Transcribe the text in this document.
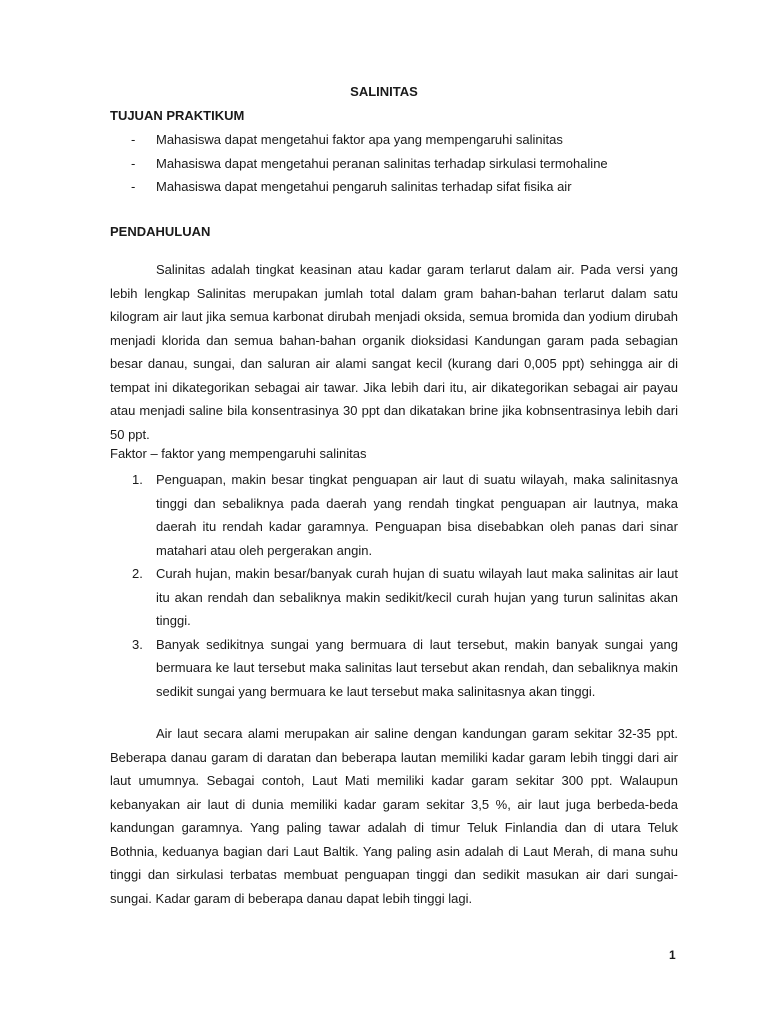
SALINITAS
TUJUAN PRAKTIKUM
- Mahasiswa dapat mengetahui faktor apa yang mempengaruhi salinitas
- Mahasiswa dapat mengetahui peranan salinitas terhadap sirkulasi termohaline
- Mahasiswa dapat mengetahui pengaruh salinitas terhadap sifat fisika air
PENDAHULUAN
Salinitas adalah tingkat keasinan atau kadar garam terlarut dalam air. Pada versi yang lebih lengkap Salinitas merupakan jumlah total dalam gram bahan-bahan terlarut dalam satu kilogram air laut jika semua karbonat dirubah menjadi oksida, semua bromida dan yodium dirubah menjadi klorida dan semua bahan-bahan organik dioksidasi Kandungan garam pada sebagian besar danau, sungai, dan saluran air alami sangat kecil (kurang dari 0,005 ppt) sehingga air di tempat ini dikategorikan sebagai air tawar. Jika lebih dari itu, air dikategorikan sebagai air payau atau menjadi saline bila konsentrasinya 30 ppt dan dikatakan brine jika kobnsentrasinya lebih dari 50 ppt.
Faktor – faktor yang mempengaruhi salinitas
1. Penguapan, makin besar tingkat penguapan air laut di suatu wilayah, maka salinitasnya tinggi dan sebaliknya pada daerah yang rendah tingkat penguapan air lautnya, maka daerah itu rendah kadar garamnya. Penguapan bisa disebabkan oleh panas dari sinar matahari atau oleh pergerakan angin.
2. Curah hujan, makin besar/banyak curah hujan di suatu wilayah laut maka salinitas air laut itu akan rendah dan sebaliknya makin sedikit/kecil curah hujan yang turun salinitas akan tinggi.
3. Banyak sedikitnya sungai yang bermuara di laut tersebut, makin banyak sungai yang bermuara ke laut tersebut maka salinitas laut tersebut akan rendah, dan sebaliknya makin sedikit sungai yang bermuara ke laut tersebut maka salinitasnya akan tinggi.
Air laut secara alami merupakan air saline dengan kandungan garam sekitar 32-35 ppt. Beberapa danau garam di daratan dan beberapa lautan memiliki kadar garam lebih tinggi dari air laut umumnya. Sebagai contoh, Laut Mati memiliki kadar garam sekitar 300 ppt. Walaupun kebanyakan air laut di dunia memiliki kadar garam sekitar 3,5 %, air laut juga berbeda-beda kandungan garamnya. Yang paling tawar adalah di timur Teluk Finlandia dan di utara Teluk Bothnia, keduanya bagian dari Laut Baltik. Yang paling asin adalah di Laut Merah, di mana suhu tinggi dan sirkulasi terbatas membuat penguapan tinggi dan sedikit masukan air dari sungai-sungai. Kadar garam di beberapa danau dapat lebih tinggi lagi.
1
